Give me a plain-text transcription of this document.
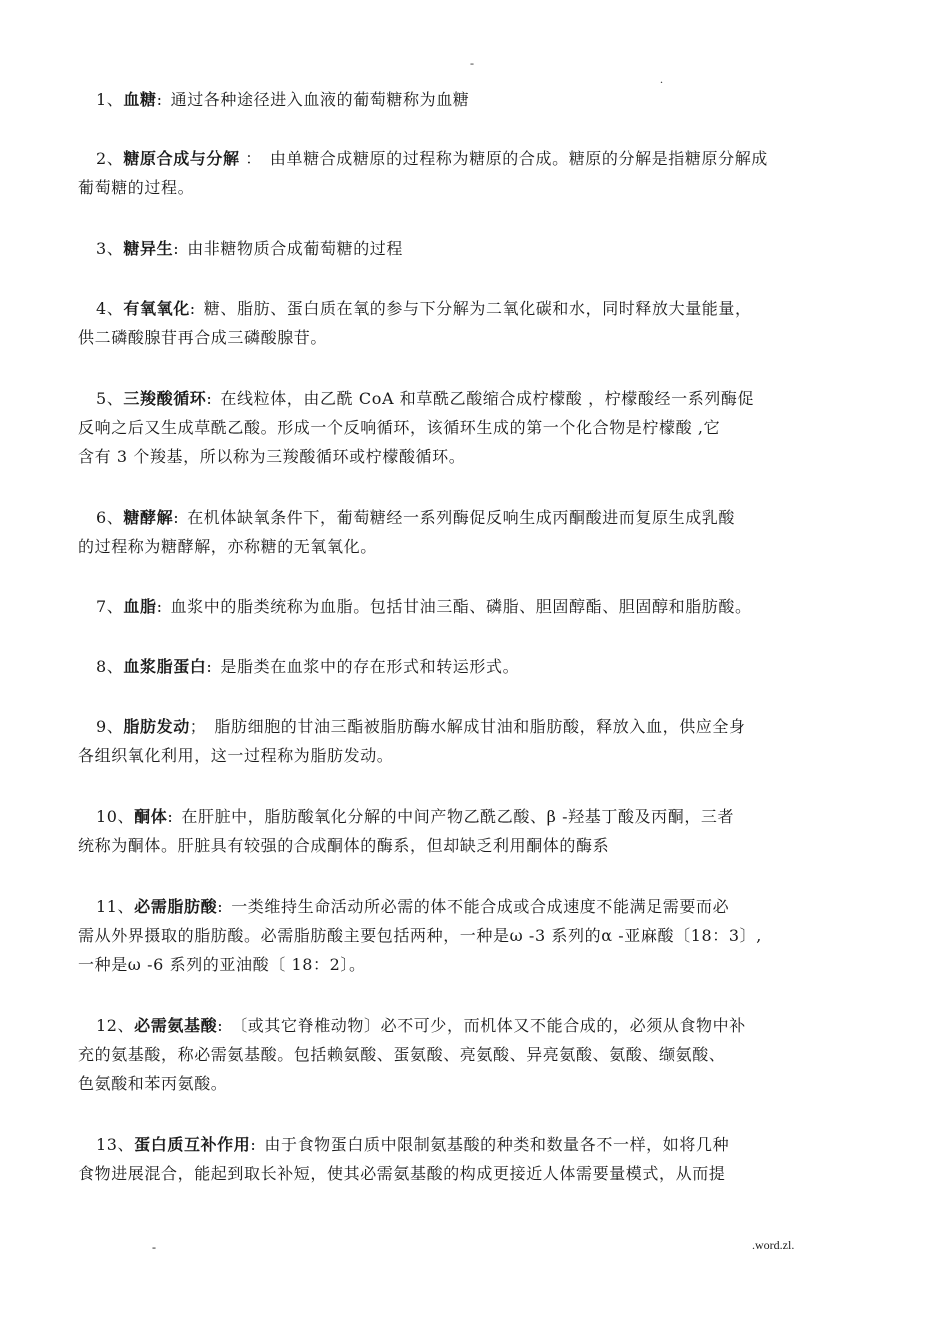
-
.
1、血糖: 通过各种途径进入血液的葡萄糖称为血糖
2、糖原合成与分解 ： 由单糖合成糖原的过程称为糖原的合成。糖原的分解是指糖原分解成
葡萄糖的过程。
3、糖异生: 由非糖物质合成葡萄糖的过程
4、有氧氧化: 糖、脂肪、蛋白质在氧的参与下分解为二氧化碳和水，同时释放大量能量，
供二磷酸腺苷再合成三磷酸腺苷。
5、三羧酸循环: 在线粒体，由乙酰 CoA 和草酰乙酸缩合成柠檬酸 ，柠檬酸经一系列酶促
反响之后又生成草酰乙酸。形成一个反响循环，该循环生成的第一个化合物是柠檬酸 ,它
含有 3 个羧基，所以称为三羧酸循环或柠檬酸循环。
6、糖酵解: 在机体缺氧条件下，葡萄糖经一系列酶促反响生成丙酮酸进而复原生成乳酸
的过程称为糖酵解，亦称糖的无氧氧化。
7、血脂: 血浆中的脂类统称为血脂。包括甘油三酯、磷脂、胆固醇酯、胆固醇和脂肪酸。
8、血浆脂蛋白: 是脂类在血浆中的存在形式和转运形式。
9、脂肪发动； 脂肪细胞的甘油三酯被脂肪酶水解成甘油和脂肪酸，释放入血，供应全身
各组织氧化利用，这一过程称为脂肪发动。
10、酮体: 在肝脏中，脂肪酸氧化分解的中间产物乙酰乙酸、β -羟基丁酸及丙酮，三者
统称为酮体。肝脏具有较强的合成酮体的酶系，但却缺乏利用酮体的酶系
11、必需脂肪酸: 一类维持生命活动所必需的体不能合成或合成速度不能满足需要而必
需从外界摄取的脂肪酸。必需脂肪酸主要包括两种，一种是ω -3 系列的α -亚麻酸〔18：3〕,
一种是ω -6 系列的亚油酸〔 18：2〕。
12、必需氨基酸: 〔或其它脊椎动物〕必不可少，而机体又不能合成的，必须从食物中补
充的氨基酸，称必需氨基酸。包括赖氨酸、蛋氨酸、亮氨酸、异亮氨酸、氨酸、缬氨酸、
色氨酸和苯丙氨酸。
13、蛋白质互补作用: 由于食物蛋白质中限制氨基酸的种类和数量各不一样，如将几种
食物进展混合，能起到取长补短，使其必需氨基酸的构成更接近人体需要量模式，从而提
-	.word.zl.
